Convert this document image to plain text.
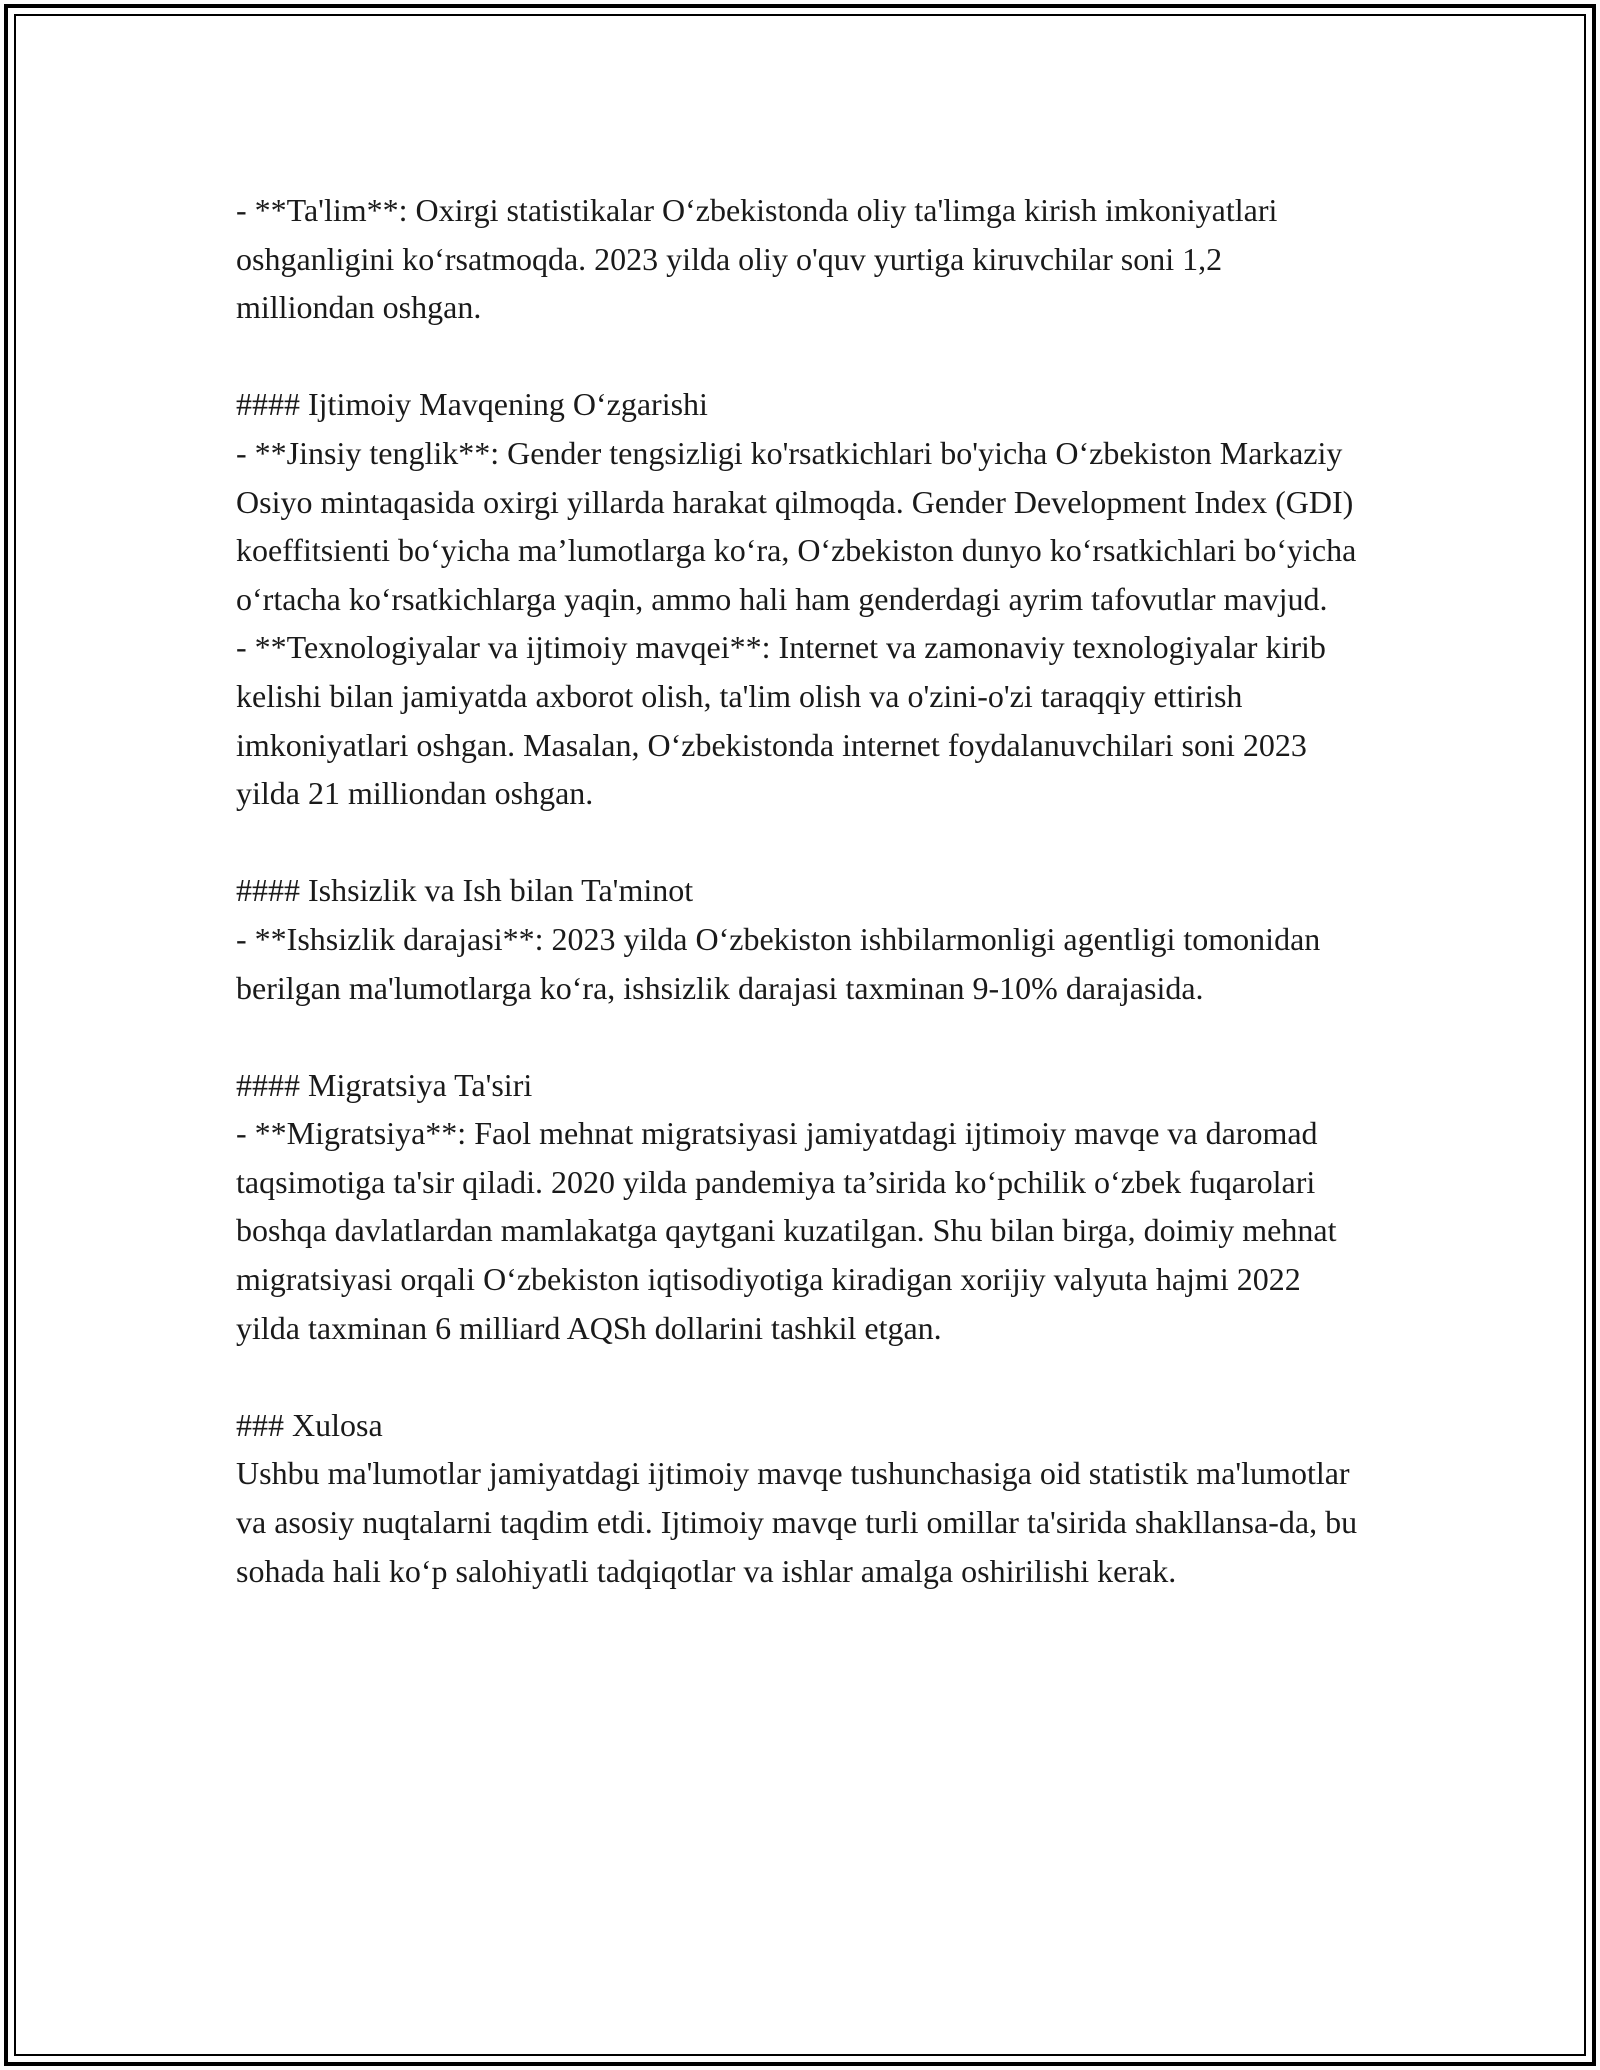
- **Ta'lim**: Oxirgi statistikalar O‘zbekistonda oliy ta'limga kirish imkoniyatlari oshganligini ko‘rsatmoqda. 2023 yilda oliy o'quv yurtiga kiruvchilar soni 1,2 milliondan oshgan.

#### Ijtimoiy Mavqening O‘zgarishi

- **Jinsiy tenglik**: Gender tengsizligi ko'rsatkichlari bo'yicha O‘zbekiston Markaziy Osiyo mintaqasida oxirgi yillarda harakat qilmoqda. Gender Development Index (GDI) koeffitsienti bo‘yicha ma’lumotlarga ko‘ra, O‘zbekiston dunyo ko‘rsatkichlari bo‘yicha o‘rtacha ko‘rsatkichlarga yaqin, ammo hali ham genderdagi ayrim tafovutlar mavjud.

- **Texnologiyalar va ijtimoiy mavqei**: Internet va zamonaviy texnologiyalar kirib kelishi bilan jamiyatda axborot olish, ta'lim olish va o'zini-o'zi taraqqiy ettirish imkoniyatlari oshgan. Masalan, O‘zbekistonda internet foydalanuvchilari soni 2023 yilda 21 milliondan oshgan.

#### Ishsizlik va Ish bilan Ta'minot

- **Ishsizlik darajasi**: 2023 yilda O‘zbekiston ishbilarmonligi agentligi tomonidan berilgan ma'lumotlarga ko‘ra, ishsizlik darajasi taxminan 9-10% darajasida.

#### Migratsiya Ta'siri

- **Migratsiya**: Faol mehnat migratsiyasi jamiyatdagi ijtimoiy mavqe va daromad taqsimotiga ta'sir qiladi. 2020 yilda pandemiya ta’sirida ko‘pchilik o‘zbek fuqarolari boshqa davlatlardan mamlakatga qaytgani kuzatilgan. Shu bilan birga, doimiy mehnat migratsiyasi orqali O‘zbekiston iqtisodiyotiga kiradigan xorijiy valyuta hajmi 2022 yilda taxminan 6 milliard AQSh dollarini tashkil etgan.

### Xulosa

Ushbu ma'lumotlar jamiyatdagi ijtimoiy mavqe tushunchasiga oid statistik ma'lumotlar va asosiy nuqtalarni taqdim etdi. Ijtimoiy mavqe turli omillar ta'sirida shakllansa-da, bu sohada hali ko‘p salohiyatli tadqiqotlar va ishlar amalga oshirilishi kerak.
